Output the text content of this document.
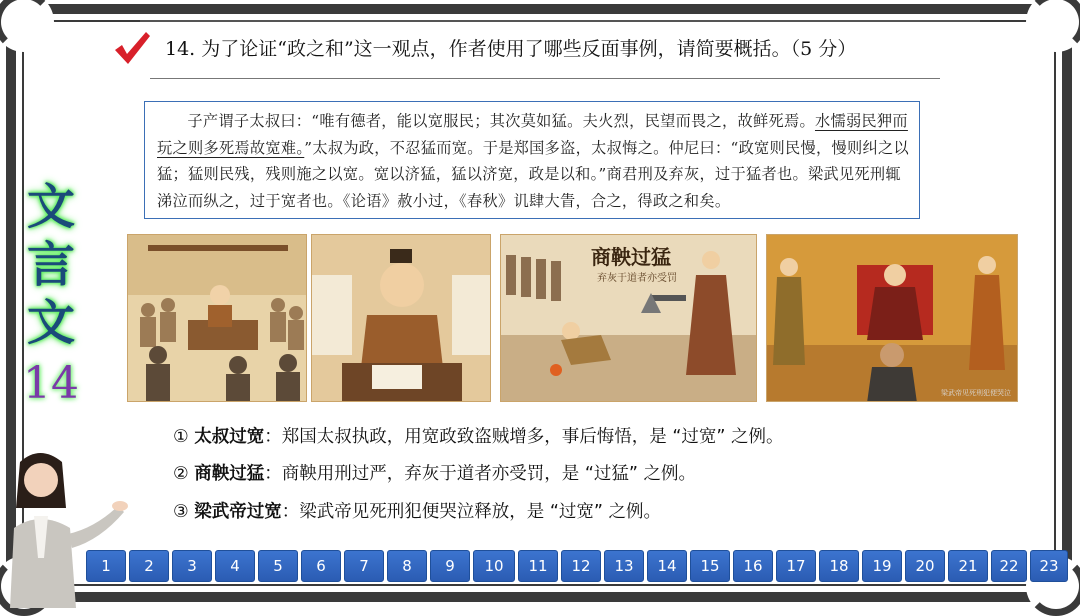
14. 为了论证“政之和”这一观点，作者使用了哪些反面事例，请简要概括。（5 分）
子产谓子太叔曰：“唯有德者，能以宽服民；其次莫如猛。夫火烈，民望而畏之，故鲜死焉。水懦弱民狎而玩之则多死焉故宽难。”太叔为政，不忍猛而宽。于是郑国多盗，太叔悔之。仲尼曰：“政宽则民慢，慢则纠之以猛；猛则民残，残则施之以宽。宽以济猛，猛以济宽，政是以和。”商君刑及弃灰，过于猛者也。梁武见死刑辄涕泣而纵之，过于宽者也。《论语》赦小过，《春秋》讥肆大眚，合之，得政之和矣。
文
言
文
14
商鞅过猛
弃灰于道者亦受罚
梁武帝见死刑犯便哭泣
① 太叔过宽：郑国太叔执政，用宽政致盗贼增多，事后悔悟，是 “过宽” 之例。
② 商鞅过猛：商鞅用刑过严，弃灰于道者亦受罚，是 “过猛” 之例。
③ 梁武帝过宽：梁武帝见死刑犯便哭泣释放，是 “过宽” 之例。
1	2	3	4	5	6	7	8	9	10	11	12	13	14	15	16	17	18	19	20	21	22	23
